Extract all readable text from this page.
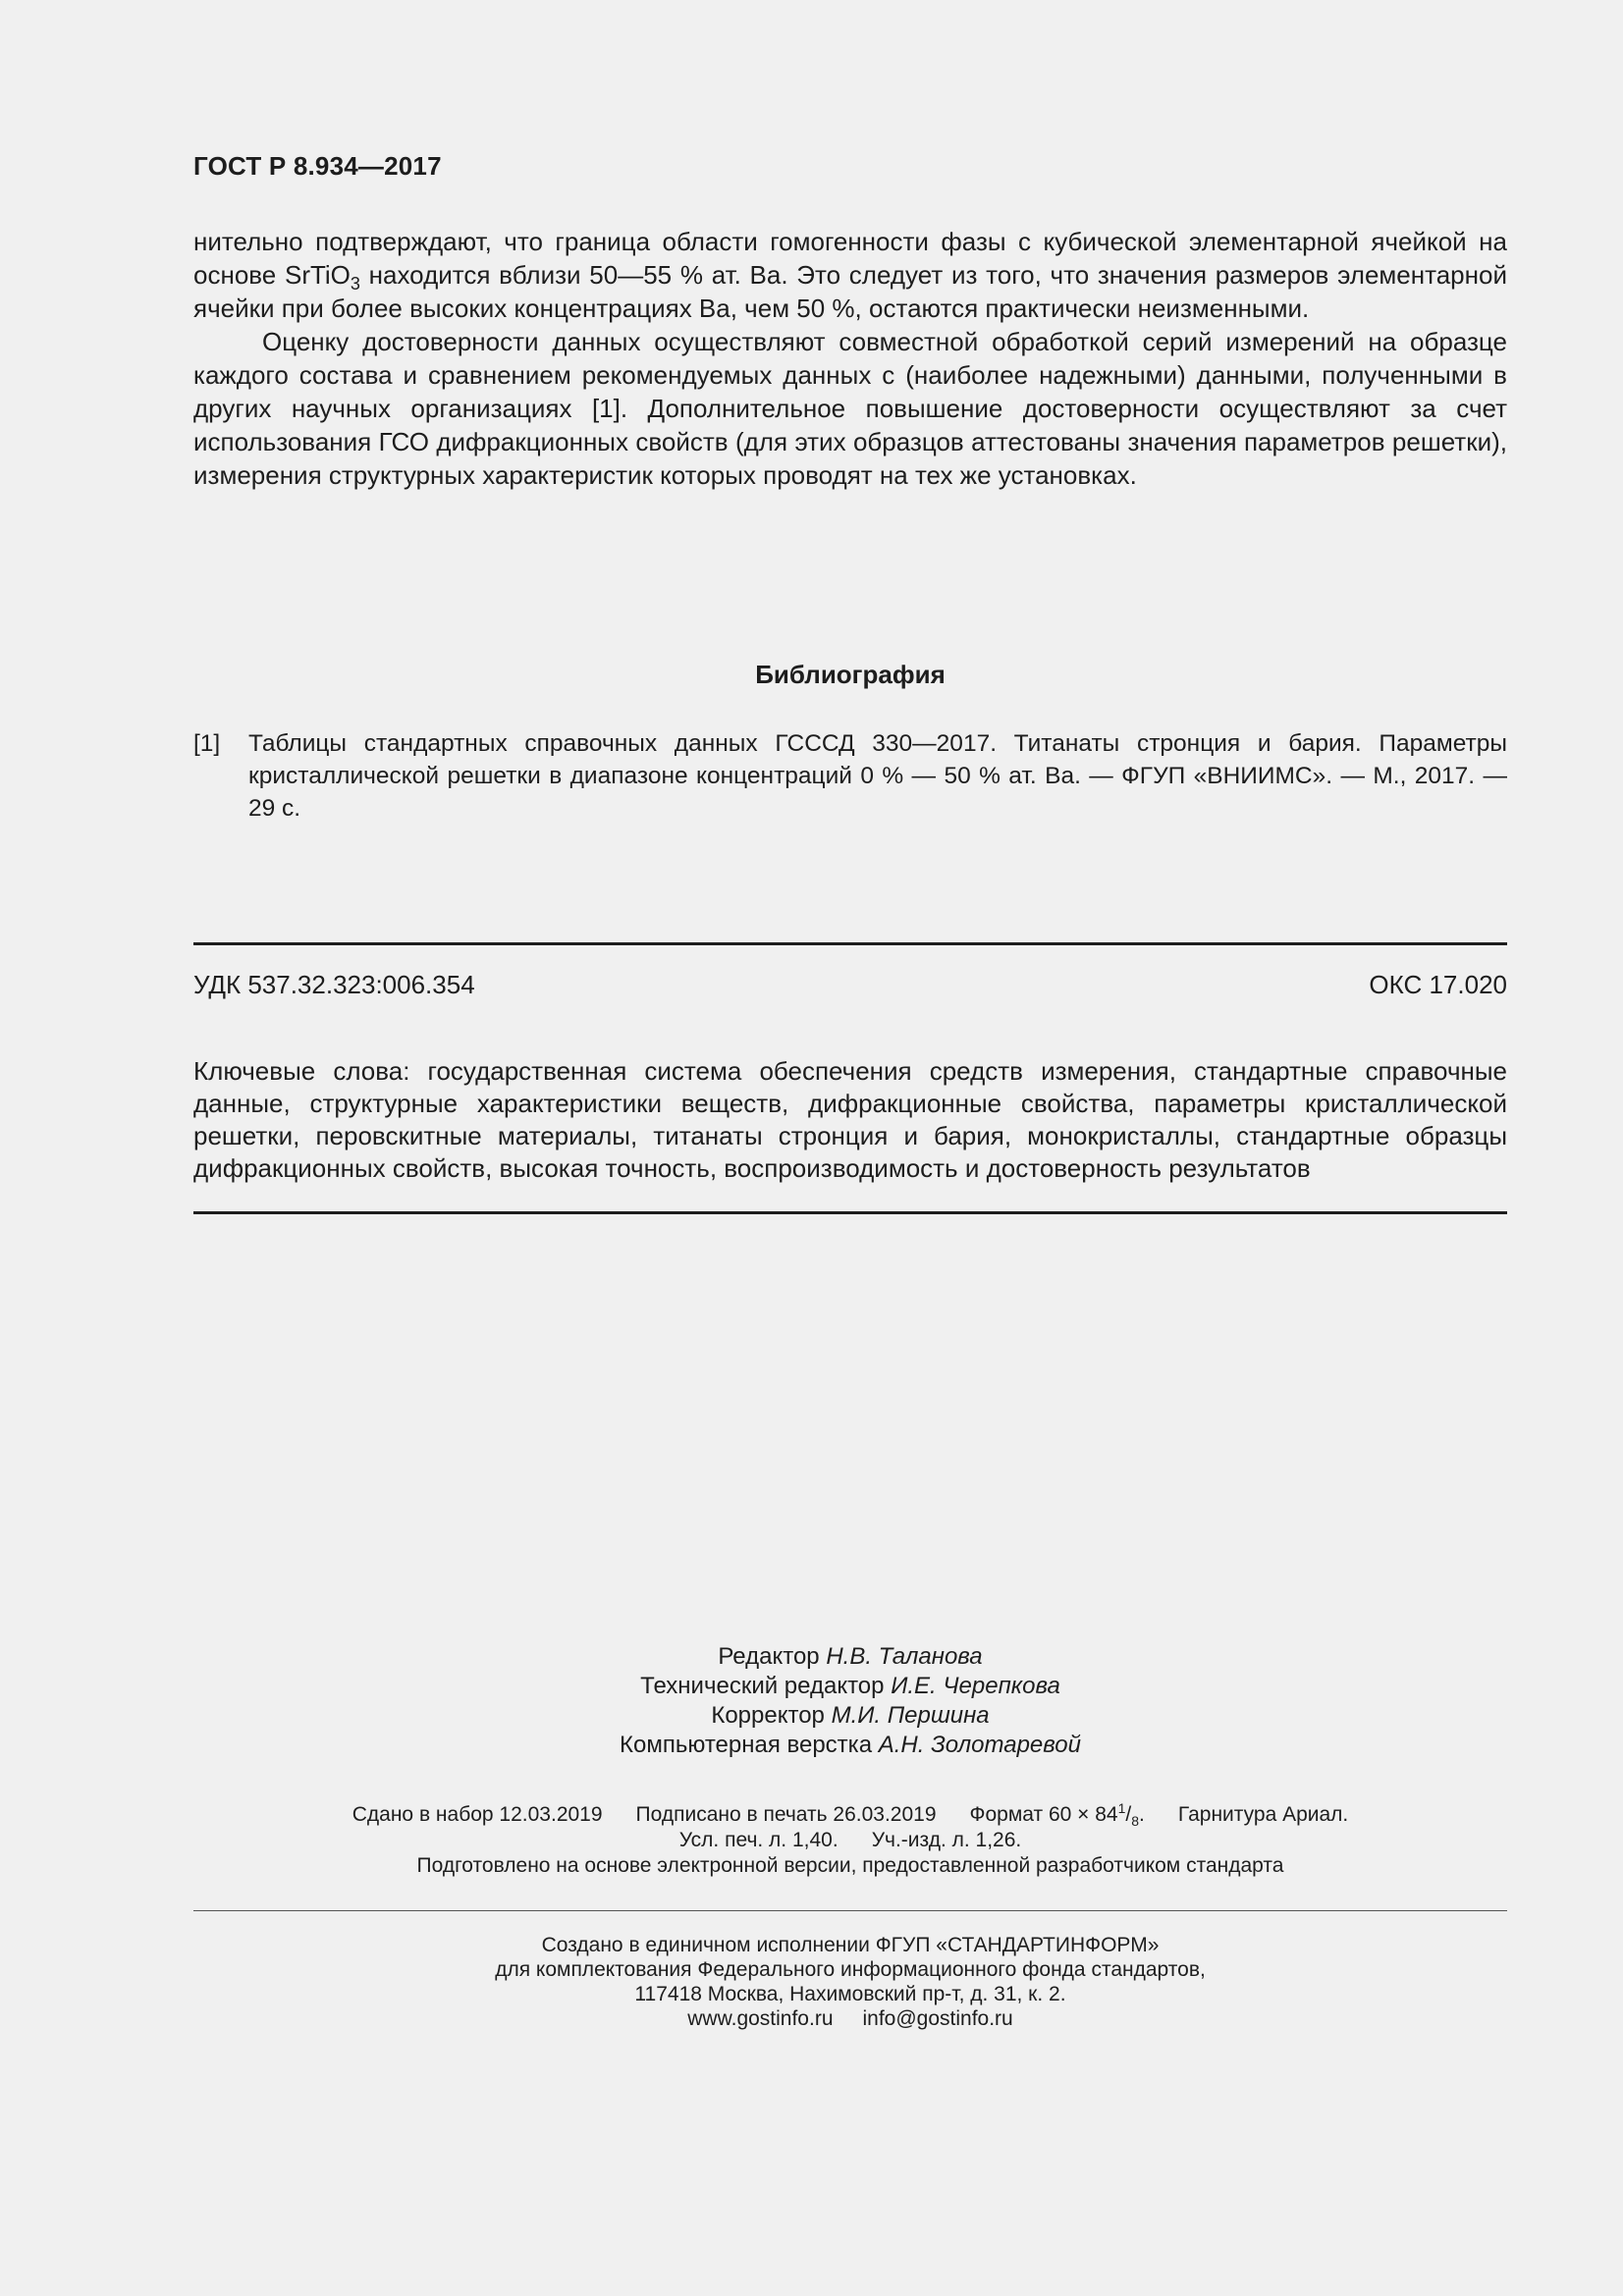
ГОСТ Р 8.934—2017

нительно подтверждают, что граница области гомогенности фазы с кубической элементарной ячейкой на основе SrTiO$_3$ находится вблизи 50—55 % ат. Ba. Это следует из того, что значения размеров элементарной ячейки при более высоких концентрациях Ba, чем 50 %, остаются практически неизменными.

Оценку достоверности данных осуществляют совместной обработкой серий измерений на образце каждого состава и сравнением рекомендуемых данных с (наиболее надежными) данными, полученными в других научных организациях [1]. Дополнительное повышение достоверности осуществляют за счет использования ГСО дифракционных свойств (для этих образцов аттестованы значения параметров решетки), измерения структурных характеристик которых проводят на тех же установках.

Библиография
[1]	Таблицы стандартных справочных данных ГСССД 330—2017. Титанаты стронция и бария. Параметры кристаллической решетки в диапазоне концентраций 0 % — 50 % ат. Ba. — ФГУП «ВНИИМС». — М., 2017. — 29 с.
УДК 537.32.323:006.354	ОКС 17.020
Ключевые слова: государственная система обеспечения средств измерения, стандартные справочные данные, структурные характеристики веществ, дифракционные свойства, параметры кристаллической решетки, перовскитные материалы, титанаты стронция и бария, монокристаллы, стандартные образцы дифракционных свойств, высокая точность, воспроизводимость и достоверность результатов
Редактор Н.В. Таланова
Технический редактор И.Е. Черепкова
Корректор М.И. Першина
Компьютерная верстка А.Н. Золотаревой
Сдано в набор 12.03.2019 Подписано в печать 26.03.2019 Формат $60 \times 84^1/_8$. Гарнитура Ариал.
Усл. печ. л. 1,40. Уч.-изд. л. 1,26.
Подготовлено на основе электронной версии, предоставленной разработчиком стандарта
Создано в единичном исполнении ФГУП «СТАНДАРТИНФОРМ»
для комплектования Федерального информационного фонда стандартов,
117418 Москва, Нахимовский пр-т, д. 31, к. 2.
www.gostinfo.ru info@gostinfo.ru
